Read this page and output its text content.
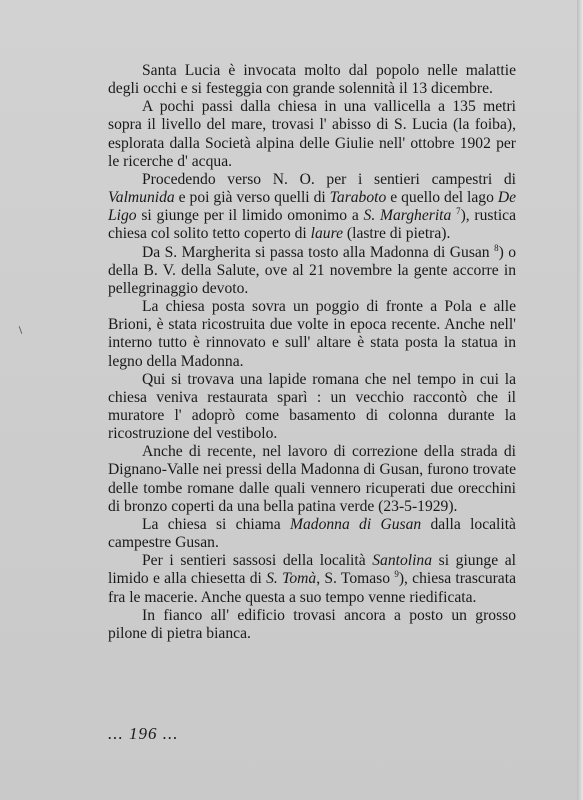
Santa Lucia è invocata molto dal popolo nelle malattie degli occhi e si festeggia con grande solennità il 13 dicembre.

A pochi passi dalla chiesa in una vallicella a 135 metri sopra il livello del mare, trovasi l' abisso di S. Lucia (la foiba), esplorata dalla Società alpina delle Giulie nell' ottobre 1902 per le ricerche d' acqua.

Procedendo verso N. O. per i sentieri campestri di Valmunida e poi già verso quelli di Taraboto e quello del lago De Ligo si giunge per il limido omonimo a S. Margherita $^7$), rustica chiesa col solito tetto coperto di laure (lastre di pietra).

Da S. Margherita si passa tosto alla Madonna di Gusan $^8$) o della B. V. della Salute, ove al 21 novembre la gente accorre in pellegrinaggio devoto.

La chiesa posta sovra un poggio di fronte a Pola e alle Brioni, è stata ricostruita due volte in epoca recente. Anche nell' interno tutto è rinnovato e sull' altare è stata posta la statua in legno della Madonna.

Qui si trovava una lapide romana che nel tempo in cui la chiesa veniva restaurata sparì : un vecchio raccontò che il muratore l' adoprò come basamento di colonna durante la ricostruzione del vestibolo.

Anche di recente, nel lavoro di correzione della strada di Dignano-Valle nei pressi della Madonna di Gusan, furono trovate delle tombe romane dalle quali vennero ricuperati due orecchini di bronzo coperti da una bella patina verde (23-5-1929).

La chiesa si chiama Madonna di Gusan dalla località campestre Gusan.

Per i sentieri sassosi della località Santolina si giunge al limido e alla chiesetta di S. Tomà, S. Tomaso $^9$), chiesa trascurata fra le macerie. Anche questa a suo tempo venne riedificata.

In fianco all' edificio trovasi ancora a posto un grosso pilone di pietra bianca.

... 196 ...
